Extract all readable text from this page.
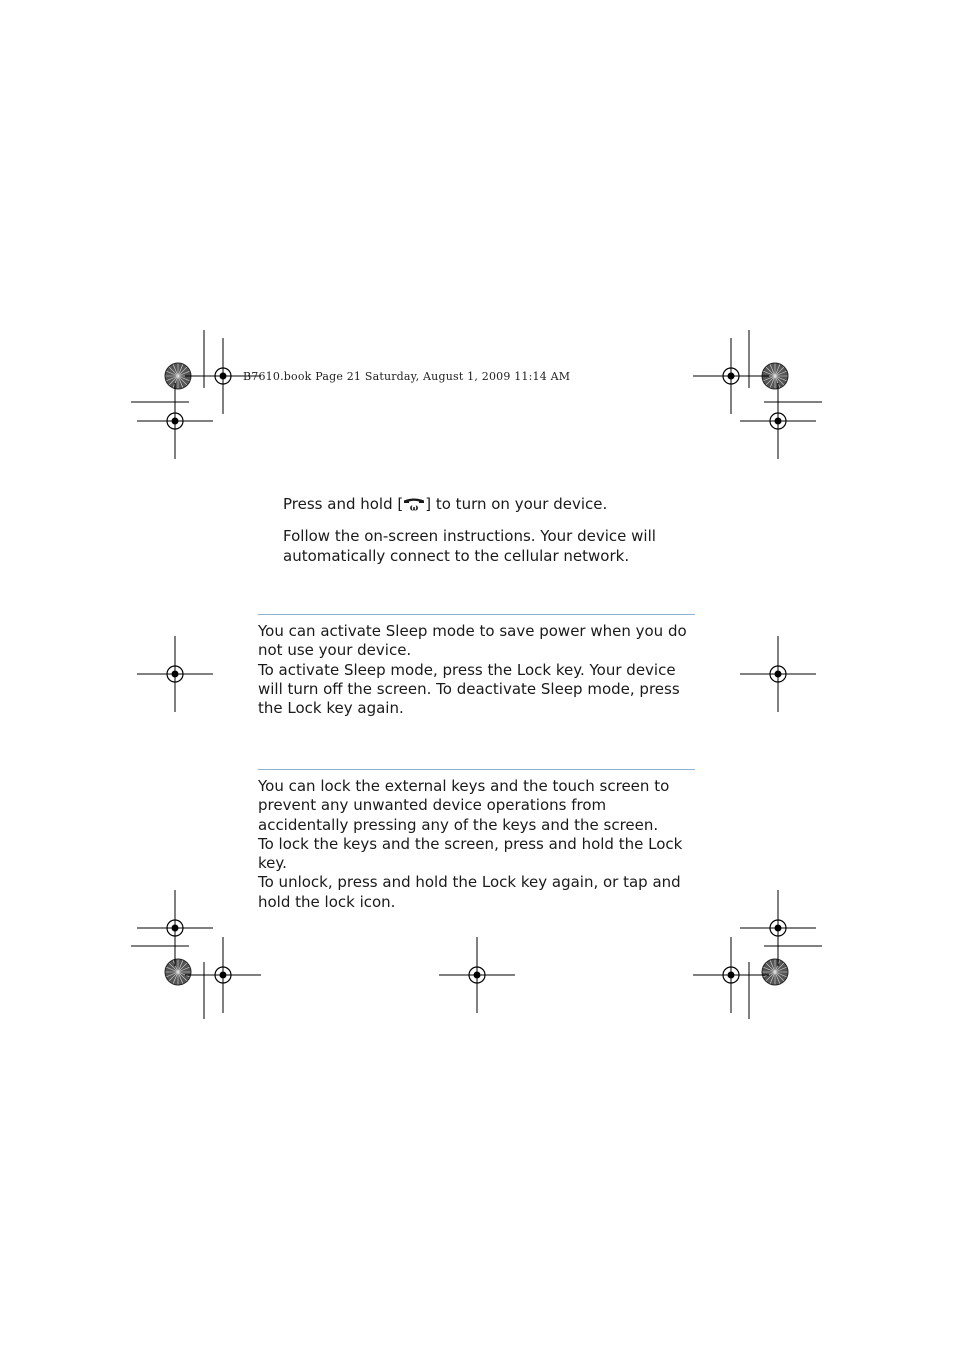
B7610.book Page 21 Saturday, August 1, 2009 11:14 AM
Press and hold [ ω ] to turn on your device.
Follow the on-screen instructions. Your device will automatically connect to the cellular network.

You can activate Sleep mode to save power when you do not use your device.

To activate Sleep mode, press the Lock key. Your device will turn off the screen. To deactivate Sleep mode, press the Lock key again.

You can lock the external keys and the touch screen to prevent any unwanted device operations from accidentally pressing any of the keys and the screen.

To lock the keys and the screen, press and hold the Lock key.

To unlock, press and hold the Lock key again, or tap and hold the lock icon.
